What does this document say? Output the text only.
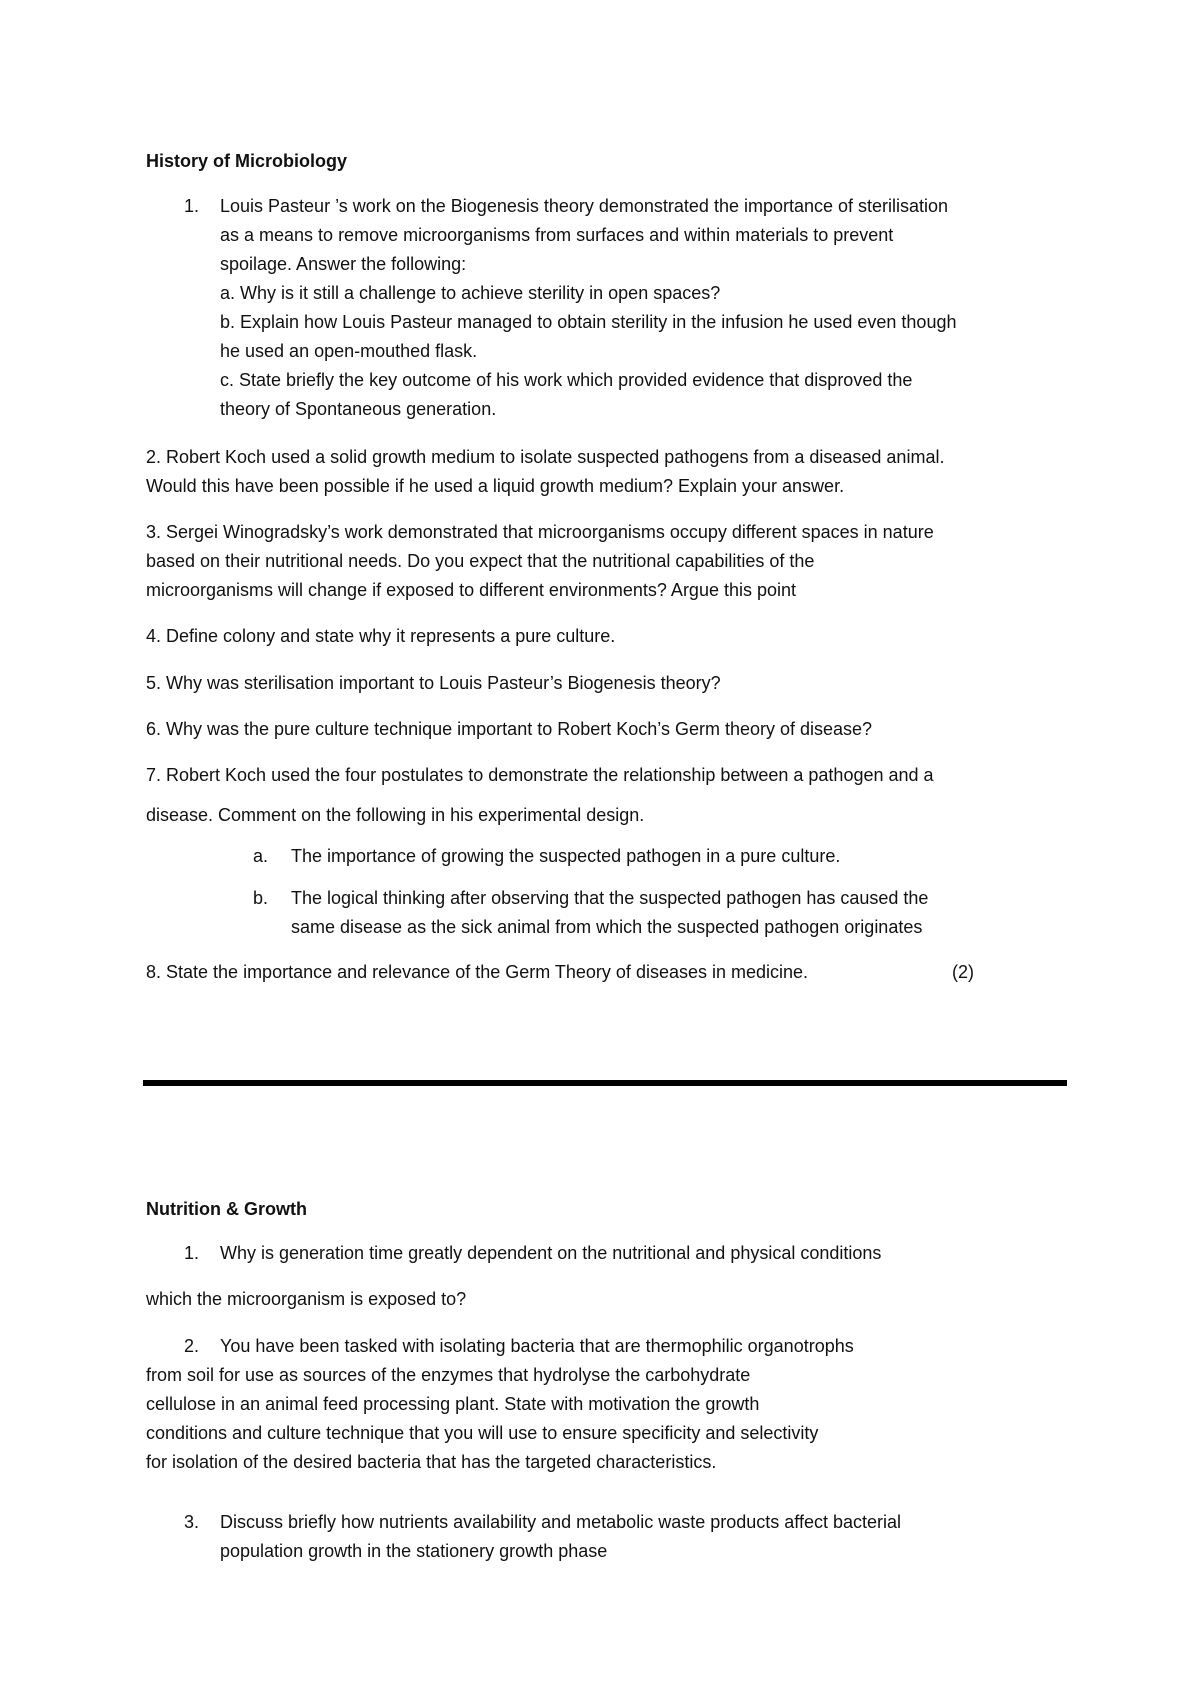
History of Microbiology
1. Louis Pasteur ’s work on the Biogenesis theory demonstrated the importance of sterilisation
as a means to remove microorganisms from surfaces and within materials to prevent
spoilage. Answer the following:
a. Why is it still a challenge to achieve sterility in open spaces?
b. Explain how Louis Pasteur managed to obtain sterility in the infusion he used even though
he used an open-mouthed flask.
c. State briefly the key outcome of his work which provided evidence that disproved the
theory of Spontaneous generation.
2. Robert Koch used a solid growth medium to isolate suspected pathogens from a diseased animal.
Would this have been possible if he used a liquid growth medium? Explain your answer.
3. Sergei Winogradsky’s work demonstrated that microorganisms occupy different spaces in nature
based on their nutritional needs. Do you expect that the nutritional capabilities of the
microorganisms will change if exposed to different environments? Argue this point
4. Define colony and state why it represents a pure culture.
5. Why was sterilisation important to Louis Pasteur’s Biogenesis theory?
6. Why was the pure culture technique important to Robert Koch’s Germ theory of disease?
7. Robert Koch used the four postulates to demonstrate the relationship between a pathogen and a
disease. Comment on the following in his experimental design.
a. The importance of growing the suspected pathogen in a pure culture.
b. The logical thinking after observing that the suspected pathogen has caused the
same disease as the sick animal from which the suspected pathogen originates
8. State the importance and relevance of the Germ Theory of diseases in medicine.	(2)
Nutrition & Growth
1. Why is generation time greatly dependent on the nutritional and physical conditions
which the microorganism is exposed to?
2. You have been tasked with isolating bacteria that are thermophilic organotrophs
from soil for use as sources of the enzymes that hydrolyse the carbohydrate
cellulose in an animal feed processing plant. State with motivation the growth
conditions and culture technique that you will use to ensure specificity and selectivity
for isolation of the desired bacteria that has the targeted characteristics.
3. Discuss briefly how nutrients availability and metabolic waste products affect bacterial
population growth in the stationery growth phase
